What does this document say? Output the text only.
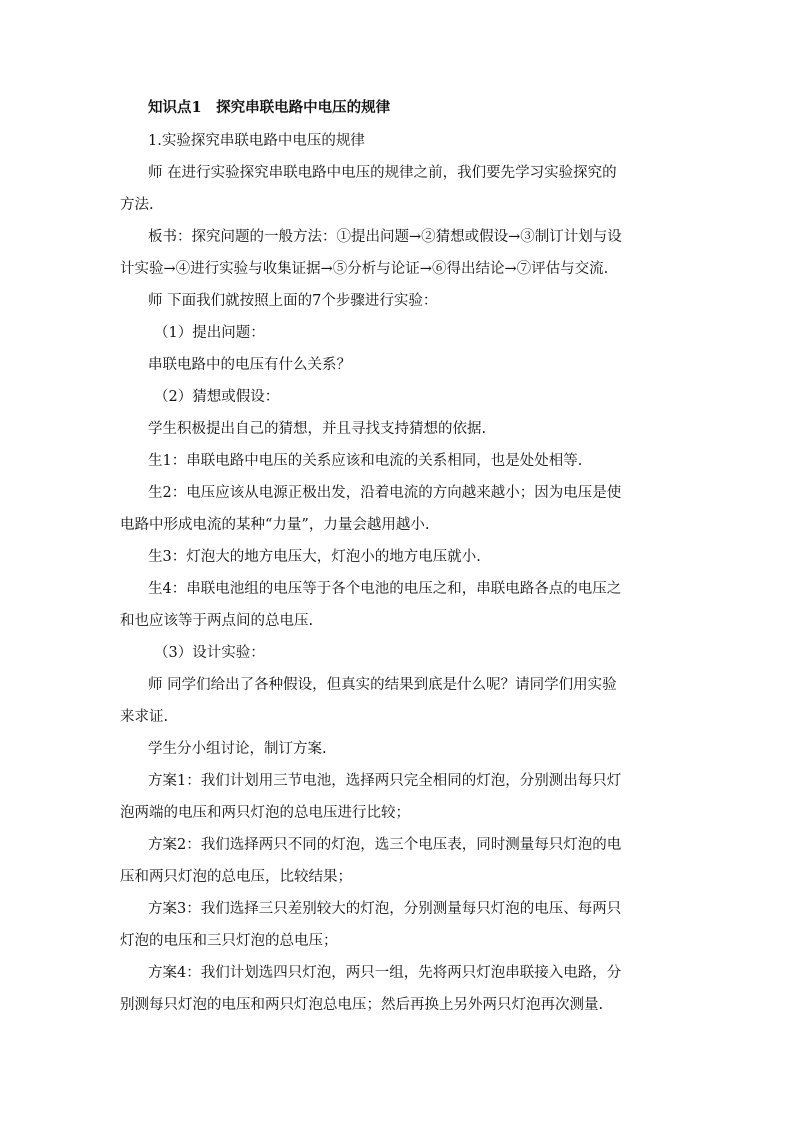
知识点1　探究串联电路中电压的规律
1.实验探究串联电路中电压的规律
师 在进行实验探究串联电路中电压的规律之前，我们要先学习实验探究的
方法.
板书：探究问题的一般方法：①提出问题→②猜想或假设→③制订计划与设
计实验→④进行实验与收集证据→⑤分析与论证→⑥得出结论→⑦评估与交流.
师 下面我们就按照上面的7个步骤进行实验：
（1）提出问题：
串联电路中的电压有什么关系？
（2）猜想或假设：
学生积极提出自己的猜想，并且寻找支持猜想的依据.
生1：串联电路中电压的关系应该和电流的关系相同，也是处处相等.
生2：电压应该从电源正极出发，沿着电流的方向越来越小；因为电压是使
电路中形成电流的某种“力量”，力量会越用越小.
生3：灯泡大的地方电压大，灯泡小的地方电压就小.
生4：串联电池组的电压等于各个电池的电压之和，串联电路各点的电压之
和也应该等于两点间的总电压.
（3）设计实验：
师 同学们给出了各种假设，但真实的结果到底是什么呢？请同学们用实验
来求证.
学生分小组讨论，制订方案.
方案1：我们计划用三节电池，选择两只完全相同的灯泡，分别测出每只灯
泡两端的电压和两只灯泡的总电压进行比较；
方案2：我们选择两只不同的灯泡，选三个电压表，同时测量每只灯泡的电
压和两只灯泡的总电压，比较结果；
方案3：我们选择三只差别较大的灯泡，分别测量每只灯泡的电压、每两只
灯泡的电压和三只灯泡的总电压；
方案4：我们计划选四只灯泡，两只一组，先将两只灯泡串联接入电路，分
别测每只灯泡的电压和两只灯泡总电压；然后再换上另外两只灯泡再次测量.
